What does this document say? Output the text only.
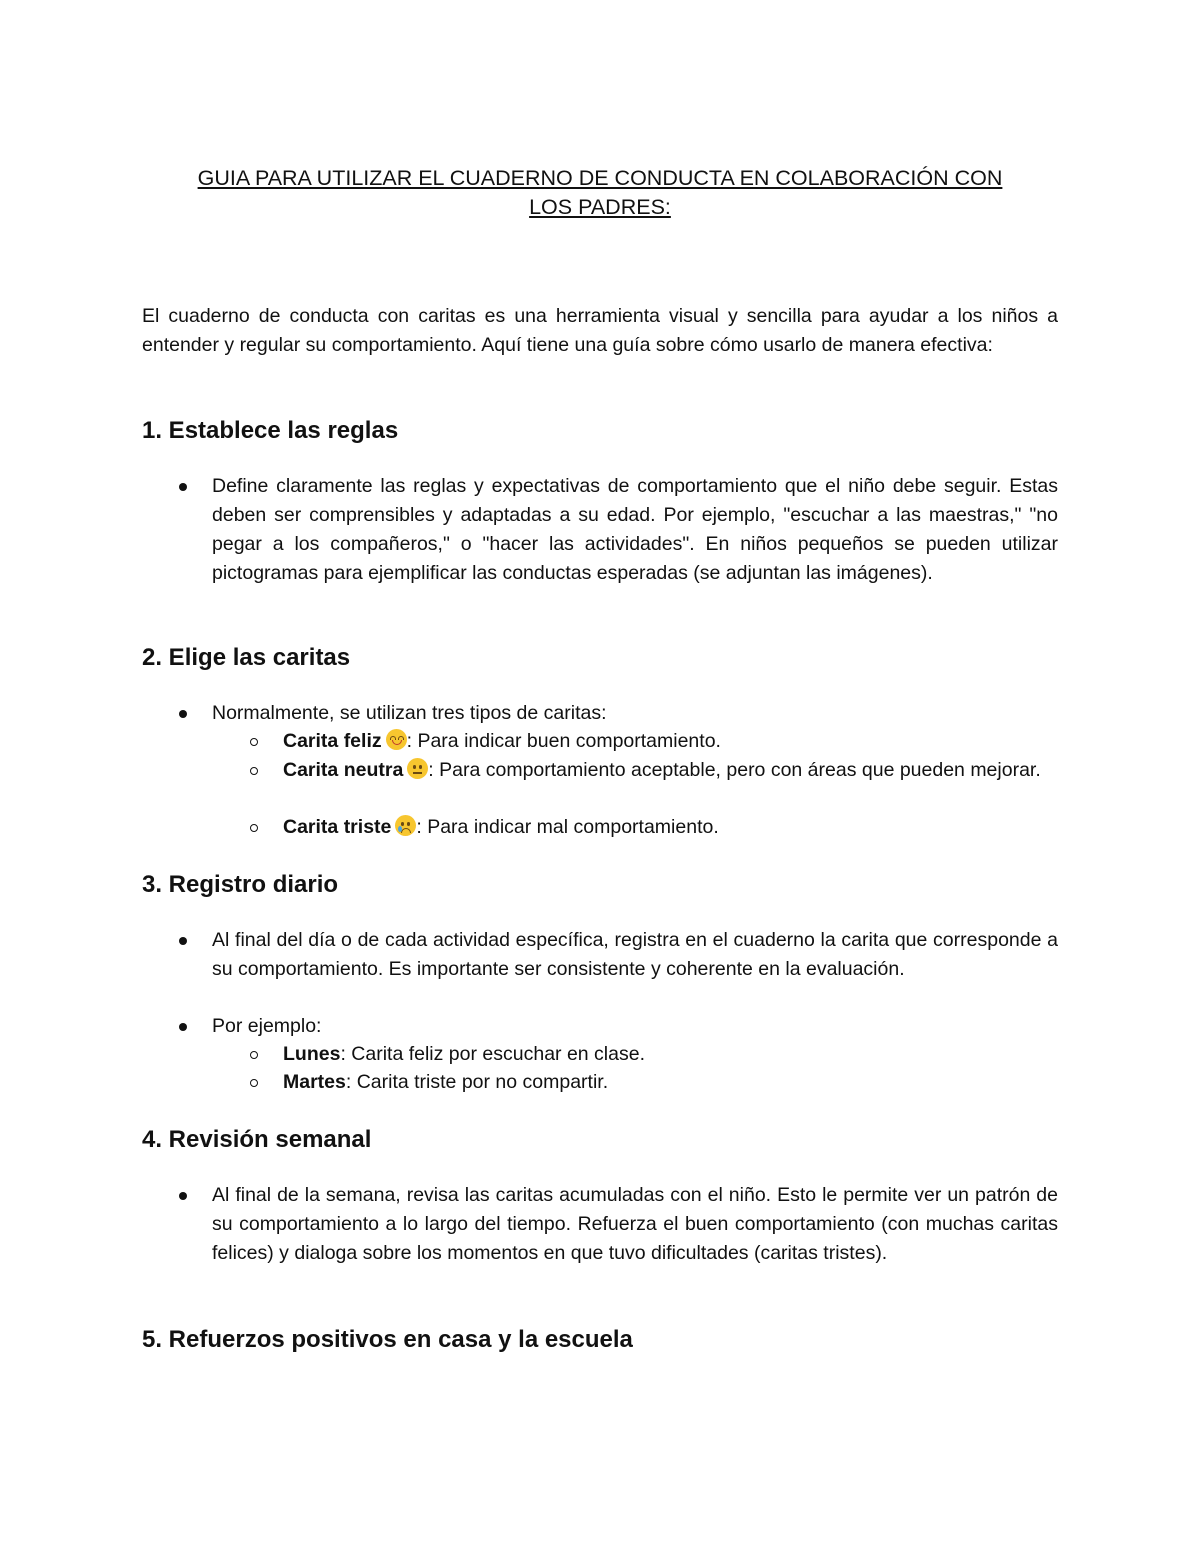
GUIA PARA UTILIZAR EL CUADERNO DE CONDUCTA EN COLABORACIÓN CON
LOS PADRES:
El cuaderno de conducta con caritas es una herramienta visual y sencilla para ayudar a los niños a entender y regular su comportamiento. Aquí tiene una guía sobre cómo usarlo de manera efectiva:
1. Establece las reglas
Define claramente las reglas y expectativas de comportamiento que el niño debe seguir. Estas deben ser comprensibles y adaptadas a su edad. Por ejemplo, "escuchar a las maestras," "no pegar a los compañeros," o "hacer las actividades". En niños pequeños se pueden utilizar pictogramas para ejemplificar las conductas esperadas (se adjuntan las imágenes).
2. Elige las caritas
Normalmente, se utilizan tres tipos de caritas:
Carita feliz : Para indicar buen comportamiento.
Carita neutra : Para comportamiento aceptable, pero con áreas que pueden mejorar.
Carita triste : Para indicar mal comportamiento.
3. Registro diario
Al final del día o de cada actividad específica, registra en el cuaderno la carita que corresponde a su comportamiento. Es importante ser consistente y coherente en la evaluación.
Por ejemplo:
Lunes: Carita feliz por escuchar en clase.
Martes: Carita triste por no compartir.
4. Revisión semanal
Al final de la semana, revisa las caritas acumuladas con el niño. Esto le permite ver un patrón de su comportamiento a lo largo del tiempo. Refuerza el buen comportamiento (con muchas caritas felices) y dialoga sobre los momentos en que tuvo dificultades (caritas tristes).
5. Refuerzos positivos en casa y la escuela
